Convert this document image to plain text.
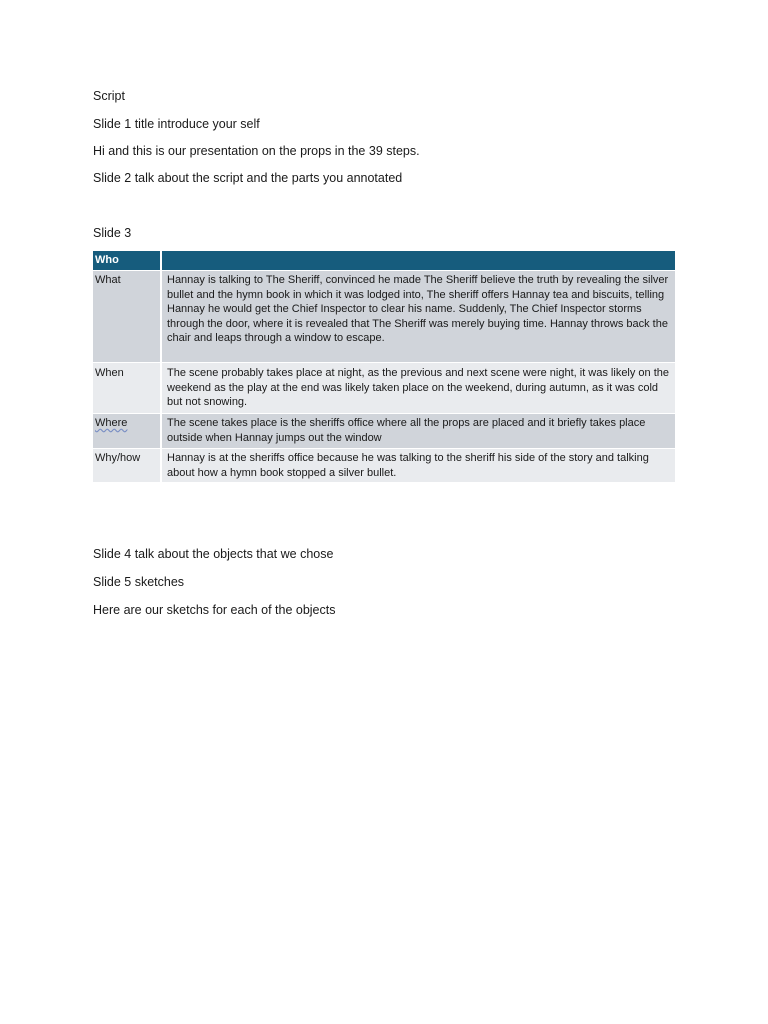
Script
Slide 1 title introduce your self
Hi and this is our presentation on the props in the 39 steps.
Slide 2 talk about the script and the parts you annotated
Slide 3
Who	
What	Hannay is talking to The Sheriff, convinced he made The Sheriff believe the truth by revealing the silver bullet and the hymn book in which it was lodged into, The sheriff offers Hannay tea and biscuits, telling Hannay he would get the Chief Inspector to clear his name. Suddenly, The Chief Inspector storms through the door, where it is revealed that The Sheriff was merely buying time. Hannay throws back the chair and leaps through a window to escape.
When	The scene probably takes place at night, as the previous and next scene were night, it was likely on the weekend as the play at the end was likely taken place on the weekend, during autumn, as it was cold but not snowing.
Where	The scene takes place is the sheriffs office where all the props are placed and it briefly takes place outside when Hannay jumps out the window
Why/how	Hannay is at the sheriffs office because he was talking to the sheriff his side of the story and talking about how a hymn book stopped a silver bullet.
Slide 4 talk about the objects that we chose
Slide 5 sketches
Here are our sketchs for each of the objects
